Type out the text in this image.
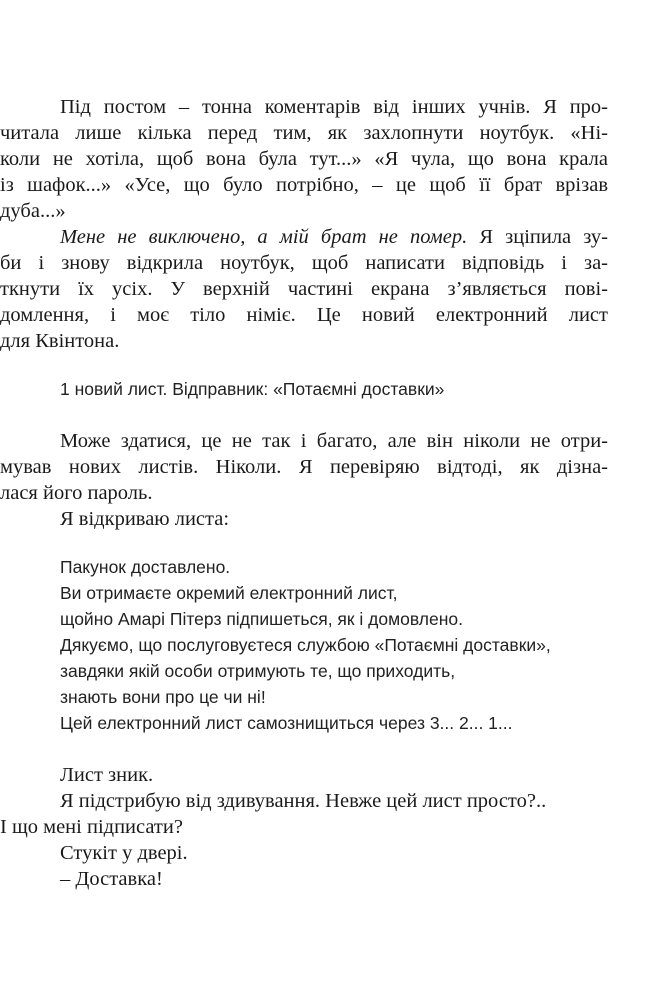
Під постом – тонна коментарів від інших учнів. Я про-
читала лише кілька перед тим, як захлопнути ноутбук. «Ні-
коли не хотіла, щоб вона була тут...» «Я чула, що вона крала
із шафок...» «Усе, що було потрібно, – це щоб її брат врізав
дуба...»
Мене не виключено, а мій брат не помер. Я зціпила зу-
би і знову відкрила ноутбук, щоб написати відповідь і за-
ткнути їх усіх. У верхній частині екрана з’являється пові-
домлення, і моє тіло німіє. Це новий електронний лист
для Квінтона.
1 новий лист. Відправник: «Потаємні доставки»
Може здатися, це не так і багато, але він ніколи не отри-
мував нових листів. Ніколи. Я перевіряю відтоді, як дізна-
лася його пароль.
Я відкриваю листа:
Пакунок доставлено.
Ви отримаєте окремий електронний лист,
щойно Амарі Пітерз підпишеться, як і домовлено.
Дякуємо, що послуговуєтеся службою «Потаємні доставки»,
завдяки якій особи отримують те, що приходить,
знають вони про це чи ні!
Цей електронний лист самознищиться через 3... 2... 1...
Лист зник.
Я підстрибую від здивування. Невже цей лист просто?..
І що мені підписати?
Стукіт у двері.
– Доставка!
